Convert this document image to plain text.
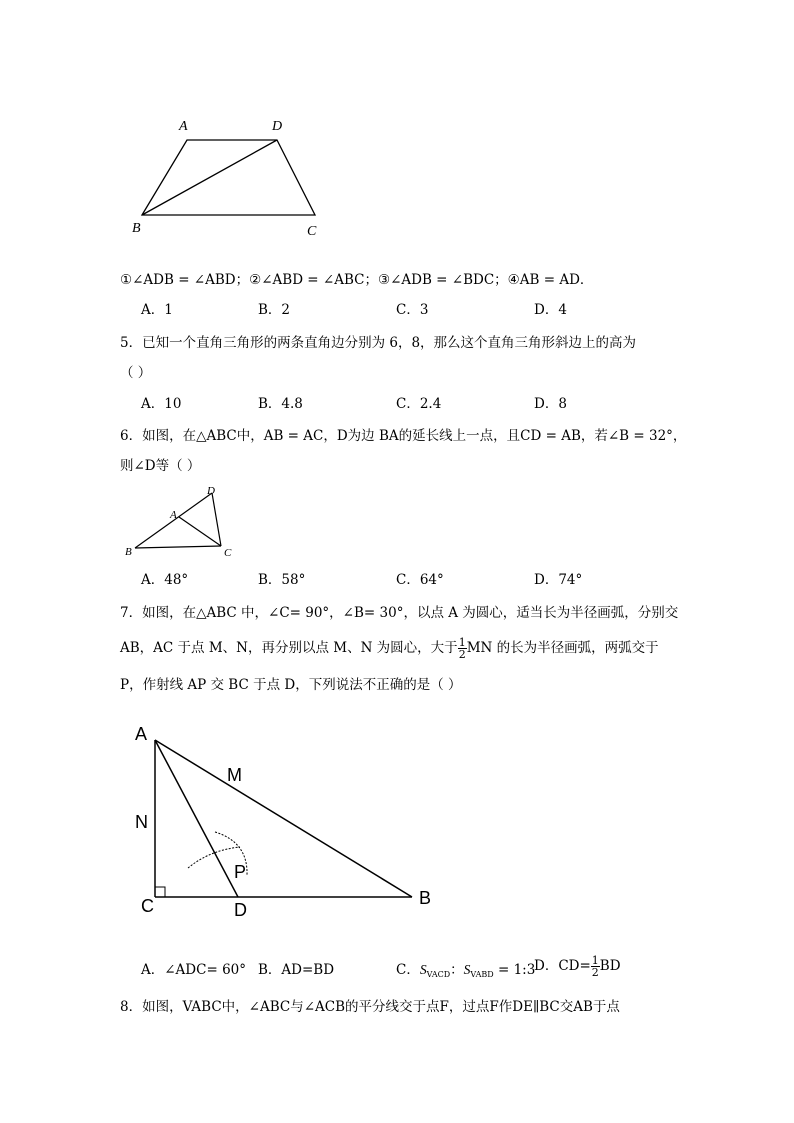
A	D
B	C
①∠ADB = ∠ABD；②∠ABD = ∠ABC；③∠ADB = ∠BDC；④AB = AD．
A．1	B．2	C．3	D．4
5．已知一个直角三角形的两条直角边分别为 6，8，那么这个直角三角形斜边上的高为
（ ）
A．10	B．4.8	C．2.4	D．8
6．如图，在△ABC中，AB = AC，D为边 BA的延长线上一点，且CD = AB，若∠B = 32°，
则∠D等（ ）
D
A
B	C
A．48°	B．58°	C．64°	D．74°
7．如图，在△ABC 中，∠C= 90°，∠B= 30°，以点 A 为圆心，适当长为半径画弧，分别交
AB，AC 于点 M、N，再分别以点 M、N 为圆心，大于 $\frac{1}{2}$ MN 的长为半径画弧，两弧交于
P，作射线 AP 交 BC 于点 D，下列说法不正确的是（ ）
A
M
N
P
C	D
B
A．∠ADC= 60° B．AD=BD	C．$S_{VACD}$：$S_{VABD}$ = 1:3
D．$CD= \frac{1}{2}$ BD
8．如图，VABC中，∠ABC与∠ACB的平分线交于点F，过点F作DE∥BC交AB于点
